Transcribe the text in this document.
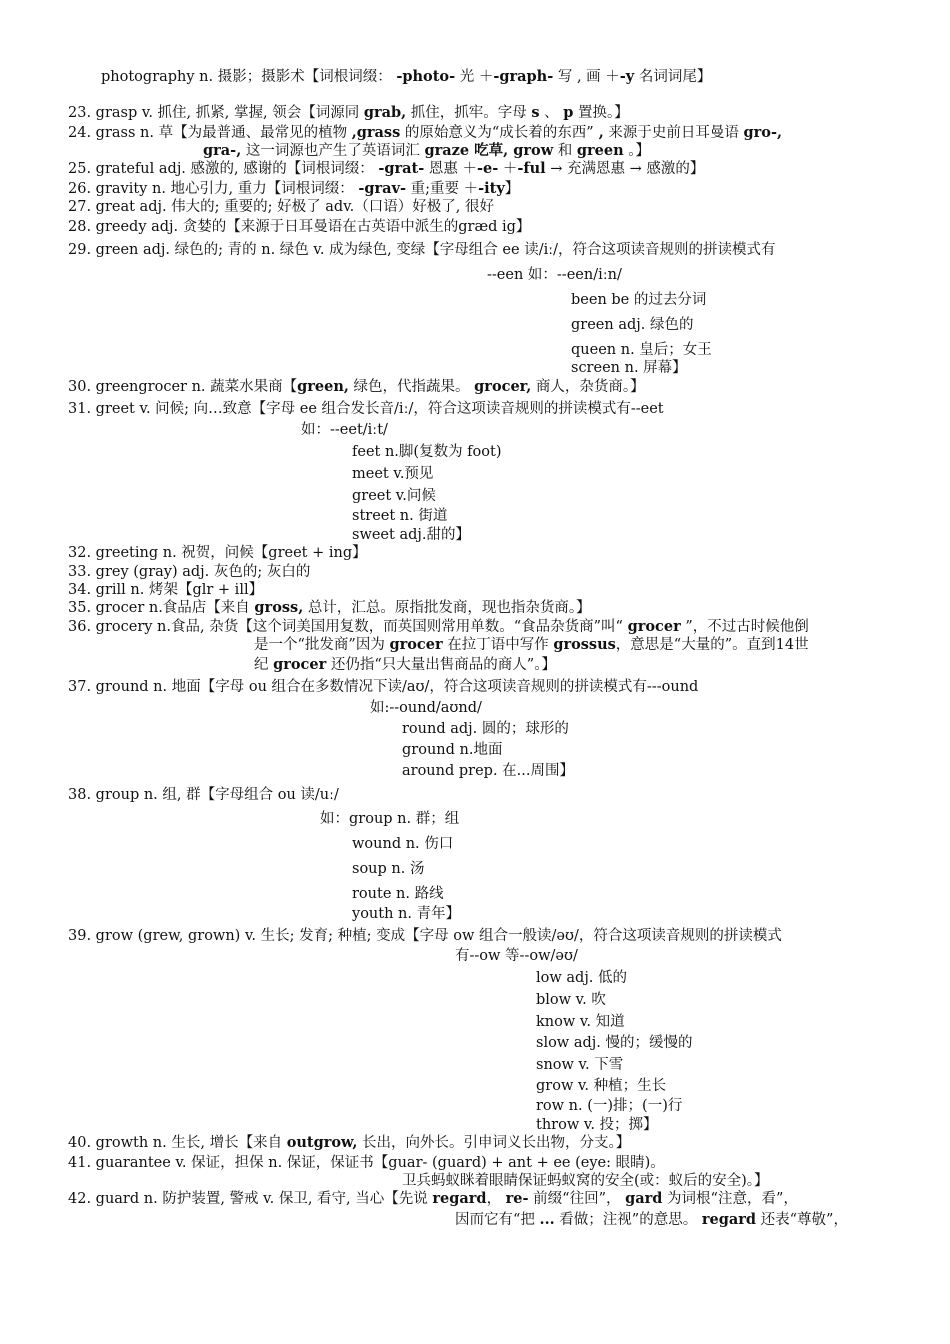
photography n. 摄影；摄影术【词根词缀： -photo- 光 ＋-graph- 写 , 画 ＋-y 名词词尾】
23. grasp v. 抓住, 抓紧, 掌握, 领会【词源同 grab, 抓住，抓牢。字母 s 、 p 置换。】
24. grass n. 草【为最普通、最常见的植物 ,grass 的原始意义为“成长着的东西” , 来源于史前日耳曼语 gro-,
gra-, 这一词源也产生了英语词汇 graze 吃草, grow 和 green 。】
25. grateful adj. 感激的, 感谢的【词根词缀： -grat- 恩惠 ＋-e- ＋-ful → 充满恩惠 → 感激的】
26. gravity n. 地心引力, 重力【词根词缀： -grav- 重;重要 ＋-ity】
27. great adj. 伟大的; 重要的; 好极了 adv.（口语）好极了, 很好
28. greedy adj. 贪婪的【来源于日耳曼语在古英语中派生的græd ig】
29. green adj. 绿色的; 青的 n. 绿色 v. 成为绿色, 变绿【字母组合 ee 读/iː/，符合这项读音规则的拼读模式有
--een 如：--een/iːn/
been be 的过去分词
green adj. 绿色的
queen n. 皇后；女王
screen n. 屏幕】
30. greengrocer n. 蔬菜水果商【green, 绿色，代指蔬果。 grocer, 商人，杂货商。】
31. greet v. 问候; 向…致意【字母 ee 组合发长音/iː/，符合这项读音规则的拼读模式有--eet
如：--eet/iːt/
feet n.脚(复数为 foot)
meet v.预见
greet v.问候
street n. 街道
sweet adj.甜的】
32. greeting n. 祝贺，问候【greet + ing】
33. grey (gray) adj. 灰色的; 灰白的
34. grill n. 烤架【glr + ill】
35. grocer n.食品店【来自 gross, 总计，汇总。原指批发商，现也指杂货商。】
36. grocery n.食品, 杂货【这个词美国用复数，而英国则常用单数。“食品杂货商”叫“ grocer ”，不过古时候他倒
是一个“批发商”因为 grocer 在拉丁语中写作 grossus，意思是“大量的”。直到14世
纪 grocer 还仍指“只大量出售商品的商人”。】
37. ground n. 地面【字母 ou 组合在多数情况下读/aʊ/，符合这项读音规则的拼读模式有---ound
如:--ound/aʊnd/
round adj. 圆的；球形的
ground n.地面
around prep. 在...周围】
38. group n. 组, 群【字母组合 ou 读/uː/
如：group n. 群；组
wound n. 伤口
soup n. 汤
route n. 路线
youth n. 青年】
39. grow (grew, grown) v. 生长; 发育; 种植; 变成【字母 ow 组合一般读/əʊ/，符合这项读音规则的拼读模式
有--ow 等--ow/əʊ/
low adj. 低的
blow v. 吹
know v. 知道
slow adj. 慢的；缓慢的
snow v. 下雪
grow v. 种植；生长
row n. (一)排；(一)行
throw v. 投；掷】
40. growth n. 生长, 增长【来自 outgrow, 长出，向外长。引申词义长出物，分支。】
41. guarantee v. 保证，担保 n. 保证，保证书【guar- (guard) + ant + ee (eye: 眼睛)。
卫兵蚂蚁眯着眼睛保证蚂蚁窝的安全(或：蚁后的安全)。】
42. guard n. 防护装置, 警戒 v. 保卫, 看守, 当心【先说 regard， re- 前缀“往回”， gard 为词根“注意，看”，
因而它有“把 ... 看做；注视”的意思。 regard 还表“尊敬”，
